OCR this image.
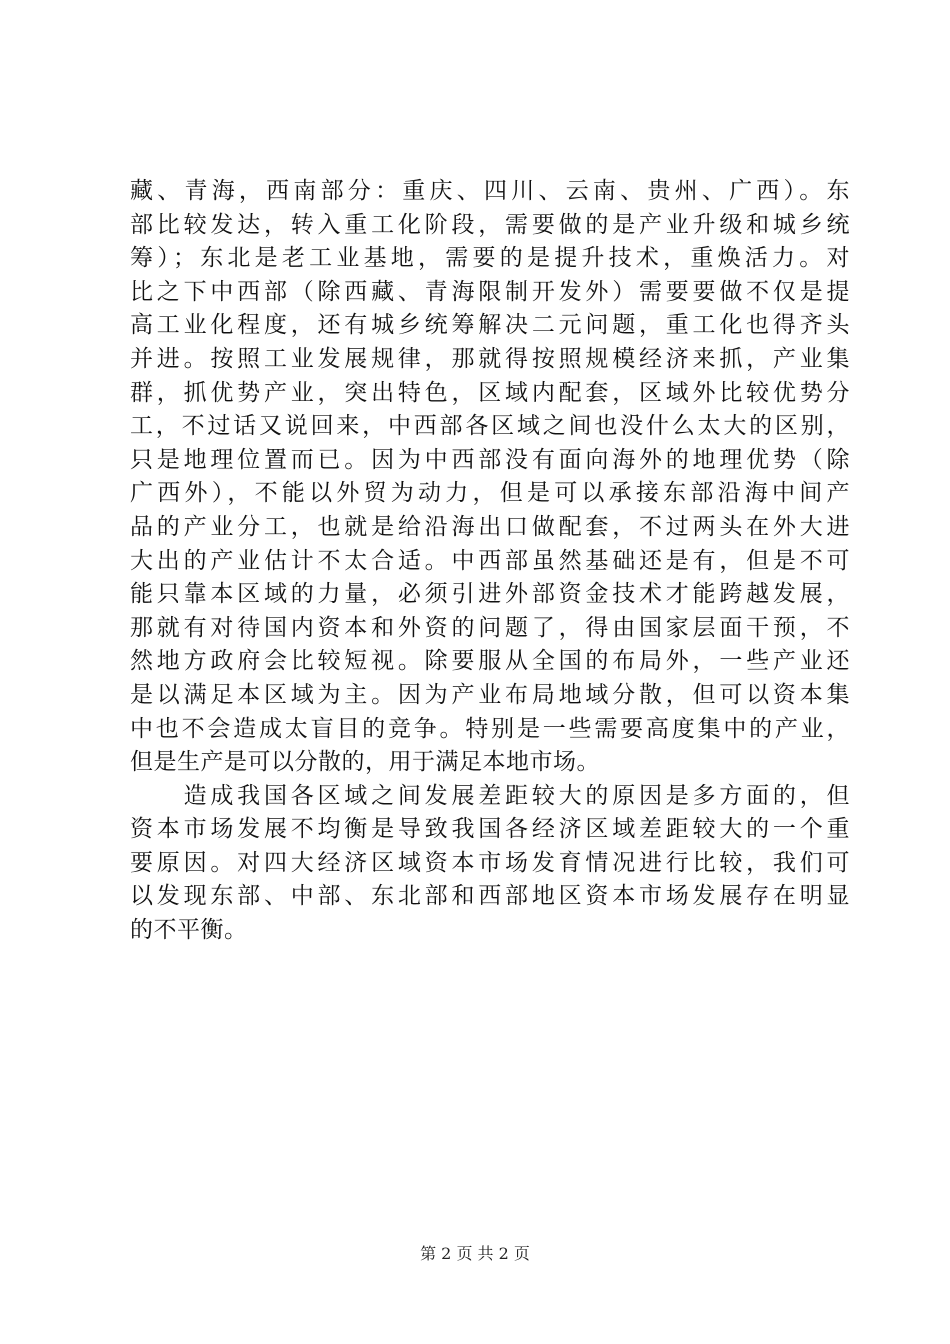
藏、青海，西南部分：重庆、四川、云南、贵州、广西）。东
部比较发达，转入重工化阶段，需要做的是产业升级和城乡统
筹）；东北是老工业基地，需要的是提升技术，重焕活力。对
比之下中西部（除西藏、青海限制开发外）需要要做不仅是提
高工业化程度，还有城乡统筹解决二元问题，重工化也得齐头
并进。按照工业发展规律，那就得按照规模经济来抓，产业集
群，抓优势产业，突出特色，区域内配套，区域外比较优势分
工，不过话又说回来，中西部各区域之间也没什么太大的区别，
只是地理位置而已。因为中西部没有面向海外的地理优势（除
广西外），不能以外贸为动力，但是可以承接东部沿海中间产
品的产业分工，也就是给沿海出口做配套，不过两头在外大进
大出的产业估计不太合适。中西部虽然基础还是有，但是不可
能只靠本区域的力量，必须引进外部资金技术才能跨越发展，
那就有对待国内资本和外资的问题了，得由国家层面干预，不
然地方政府会比较短视。除要服从全国的布局外，一些产业还
是以满足本区域为主。因为产业布局地域分散，但可以资本集
中也不会造成太盲目的竞争。特别是一些需要高度集中的产业，
但是生产是可以分散的，用于满足本地市场。
　　造成我国各区域之间发展差距较大的原因是多方面的，但
资本市场发展不均衡是导致我国各经济区域差距较大的一个重
要原因。对四大经济区域资本市场发育情况进行比较，我们可
以发现东部、中部、东北部和西部地区资本市场发展存在明显
的不平衡。
第 2 页 共 2 页
